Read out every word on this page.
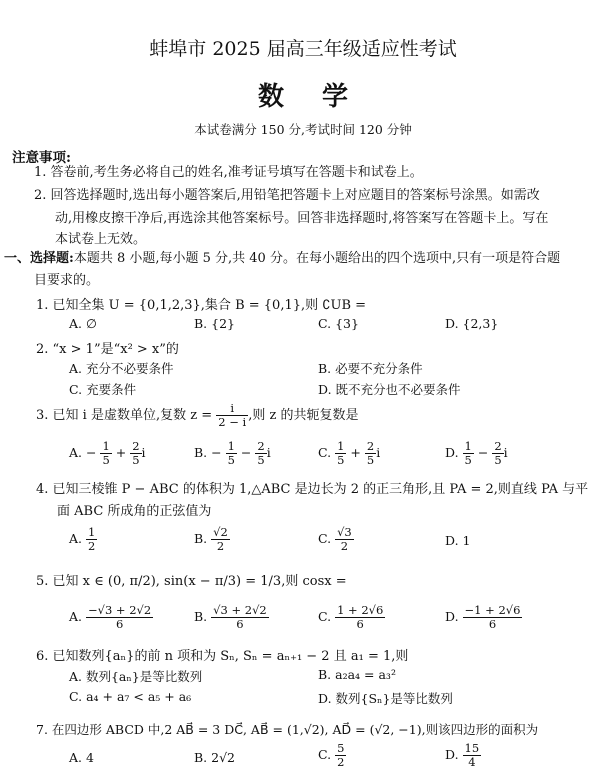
蚌埠市 2025 届高三年级适应性考试
数学
本试卷满分 150 分,考试时间 120 分钟
注意事项:
1. 答卷前,考生务必将自己的姓名,准考证号填写在答题卡和试卷上。
2. 回答选择题时,选出每小题答案后,用铅笔把答题卡上对应题目的答案标号涂黑。如需改
动,用橡皮擦干净后,再选涂其他答案标号。回答非选择题时,将答案写在答题卡上。写在
本试卷上无效。
一、选择题:本题共 8 小题,每小题 5 分,共 40 分。在每小题给出的四个选项中,只有一项是符合题
目要求的。
1. 已知全集 U = {0,1,2,3},集合 B = {0,1},则 ∁UB =
A. ∅	B. {2}	C. {3}	D. {2,3}
2. “x > 1”是“x² > x”的
A. 充分不必要条件	B. 必要不充分条件
C. 充要条件	D. 既不充分也不必要条件
3. 已知 i 是虚数单位,复数 $z = \frac{i}{2 - i}$ ,则 z 的共轭复数是
A. − $\frac{1}{5} + \frac{2}{5}$ i	B. − $\frac{1}{5} - \frac{2}{5}$ i	C. $\frac{1}{5} + \frac{2}{5}$ i	D. $\frac{1}{5} - \frac{2}{5}$ i
4. 已知三棱锥 P − ABC 的体积为 1,△ABC 是边长为 2 的正三角形,且 PA = 2,则直线 PA 与平
面 ABC 所成角的正弦值为
A. $\frac{1}{2}$	B. $\frac{√2}{2}$	C. $\frac{√3}{2}$	D. 1
5. 已知 x ∈ (0, π/2), sin(x − π/3) = 1/3,则 cosx =
A. $\frac{-√3 + 2√2}{6}$	B. $\frac{√3 + 2√2}{6}$	C. $\frac{1 + 2√6}{6}$	D. $\frac{-1 + 2√6}{6}$
6. 已知数列{aₙ}的前 n 项和为 Sₙ, Sₙ = aₙ₊₁ − 2 且 a₁ = 1,则
A. 数列{aₙ}是等比数列	B. a₂a₄ = a₃²
C. a₄ + a₇ < a₅ + a₆	D. 数列{Sₙ}是等比数列
7. 在四边形 ABCD 中,2 AB⃗ = 3 DC⃗, AB⃗ = (1,√2), AD⃗ = (√2, −1),则该四边形的面积为
A. 4	B. 2√2	C. $\frac{5}{2}$	D. $\frac{15}{4}$
